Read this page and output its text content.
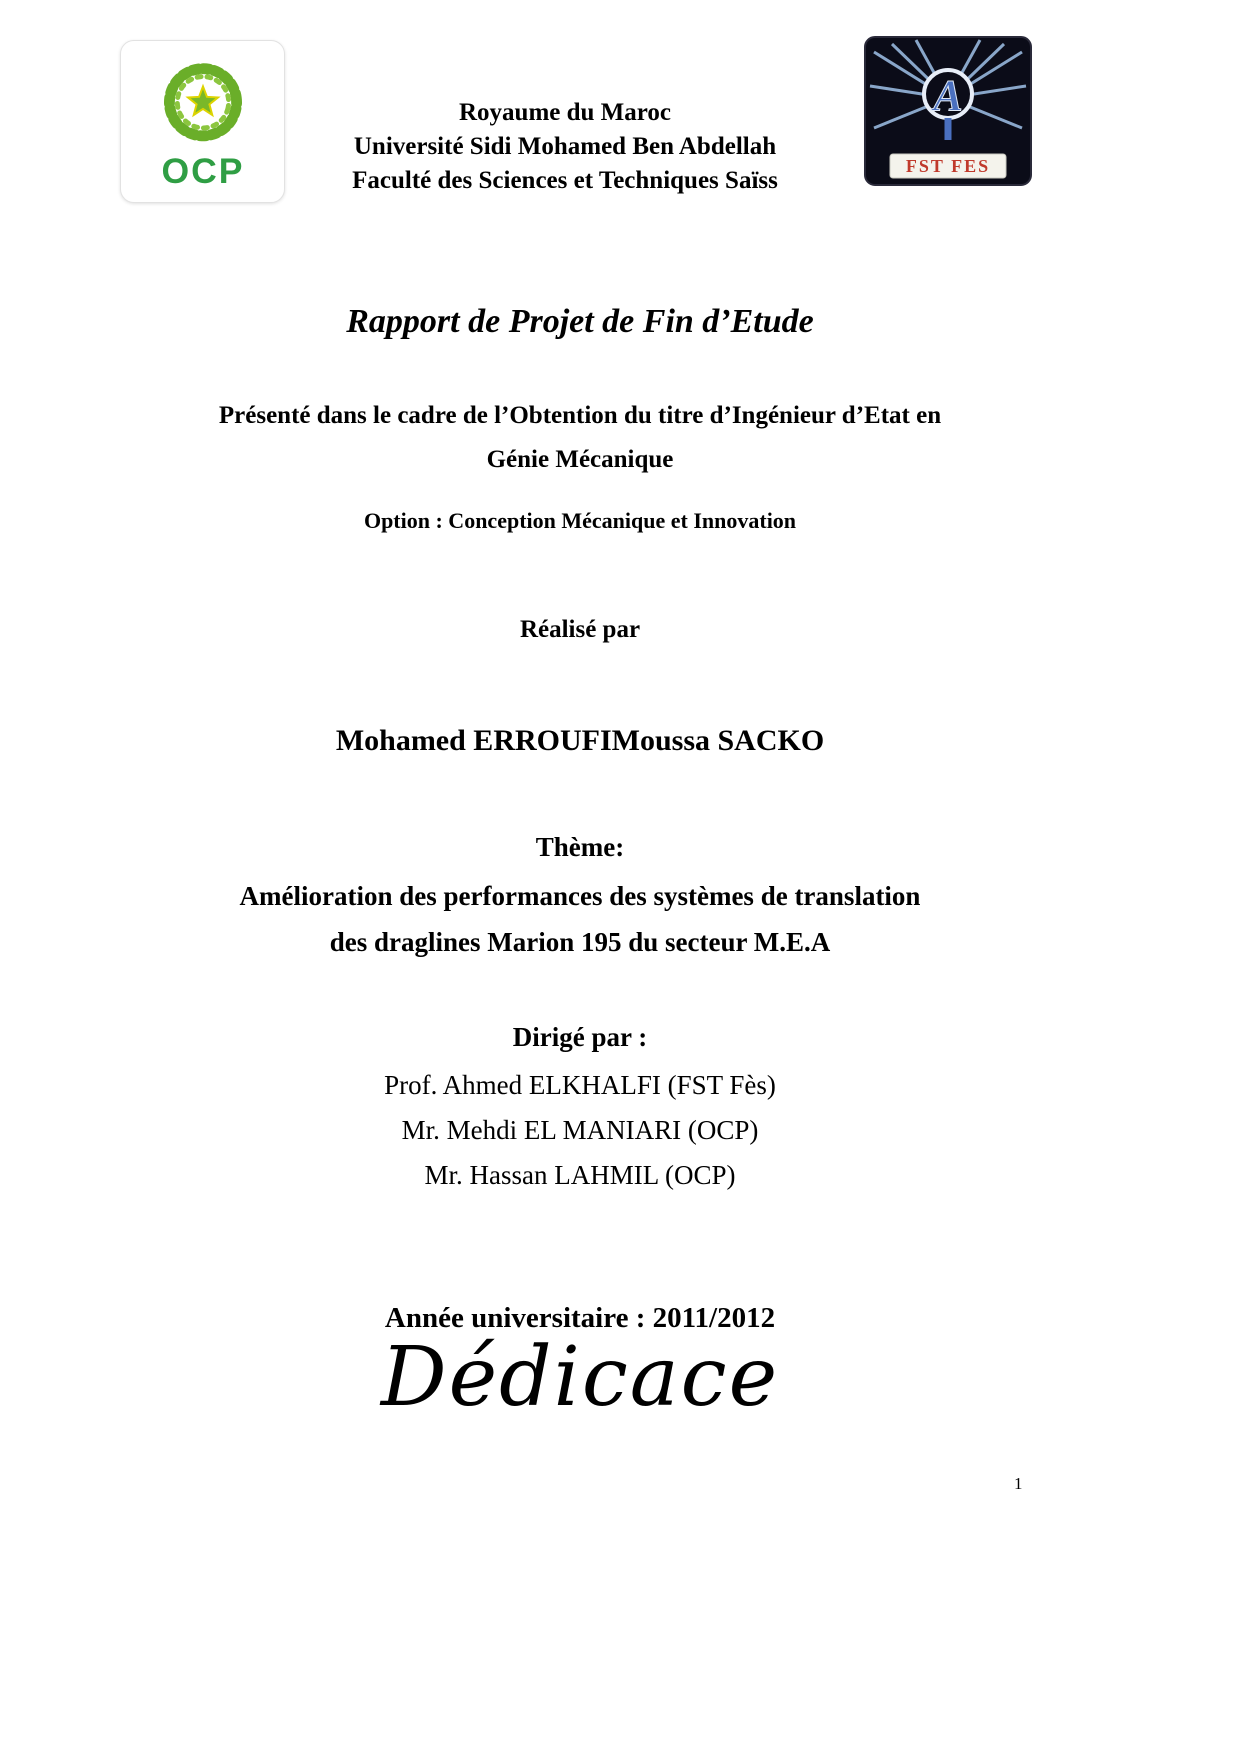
OCP
Royaume du Maroc
Université Sidi Mohamed Ben Abdellah
Faculté des Sciences et Techniques Saïss
A
FST FES
Rapport de Projet de Fin d’Etude
Présenté dans le cadre de l’Obtention du titre d’Ingénieur d’Etat en
Génie Mécanique
Option : Conception Mécanique et Innovation
Réalisé par
Mohamed ERROUFIMoussa SACKO
Thème:
Amélioration des performances des systèmes de translation
des draglines Marion 195 du secteur M.E.A
Dirigé par :
Prof. Ahmed ELKHALFI (FST Fès)
Mr. Mehdi EL MANIARI (OCP)
Mr. Hassan LAHMIL (OCP)
Année universitaire : 2011/2012
Dédicace
1
